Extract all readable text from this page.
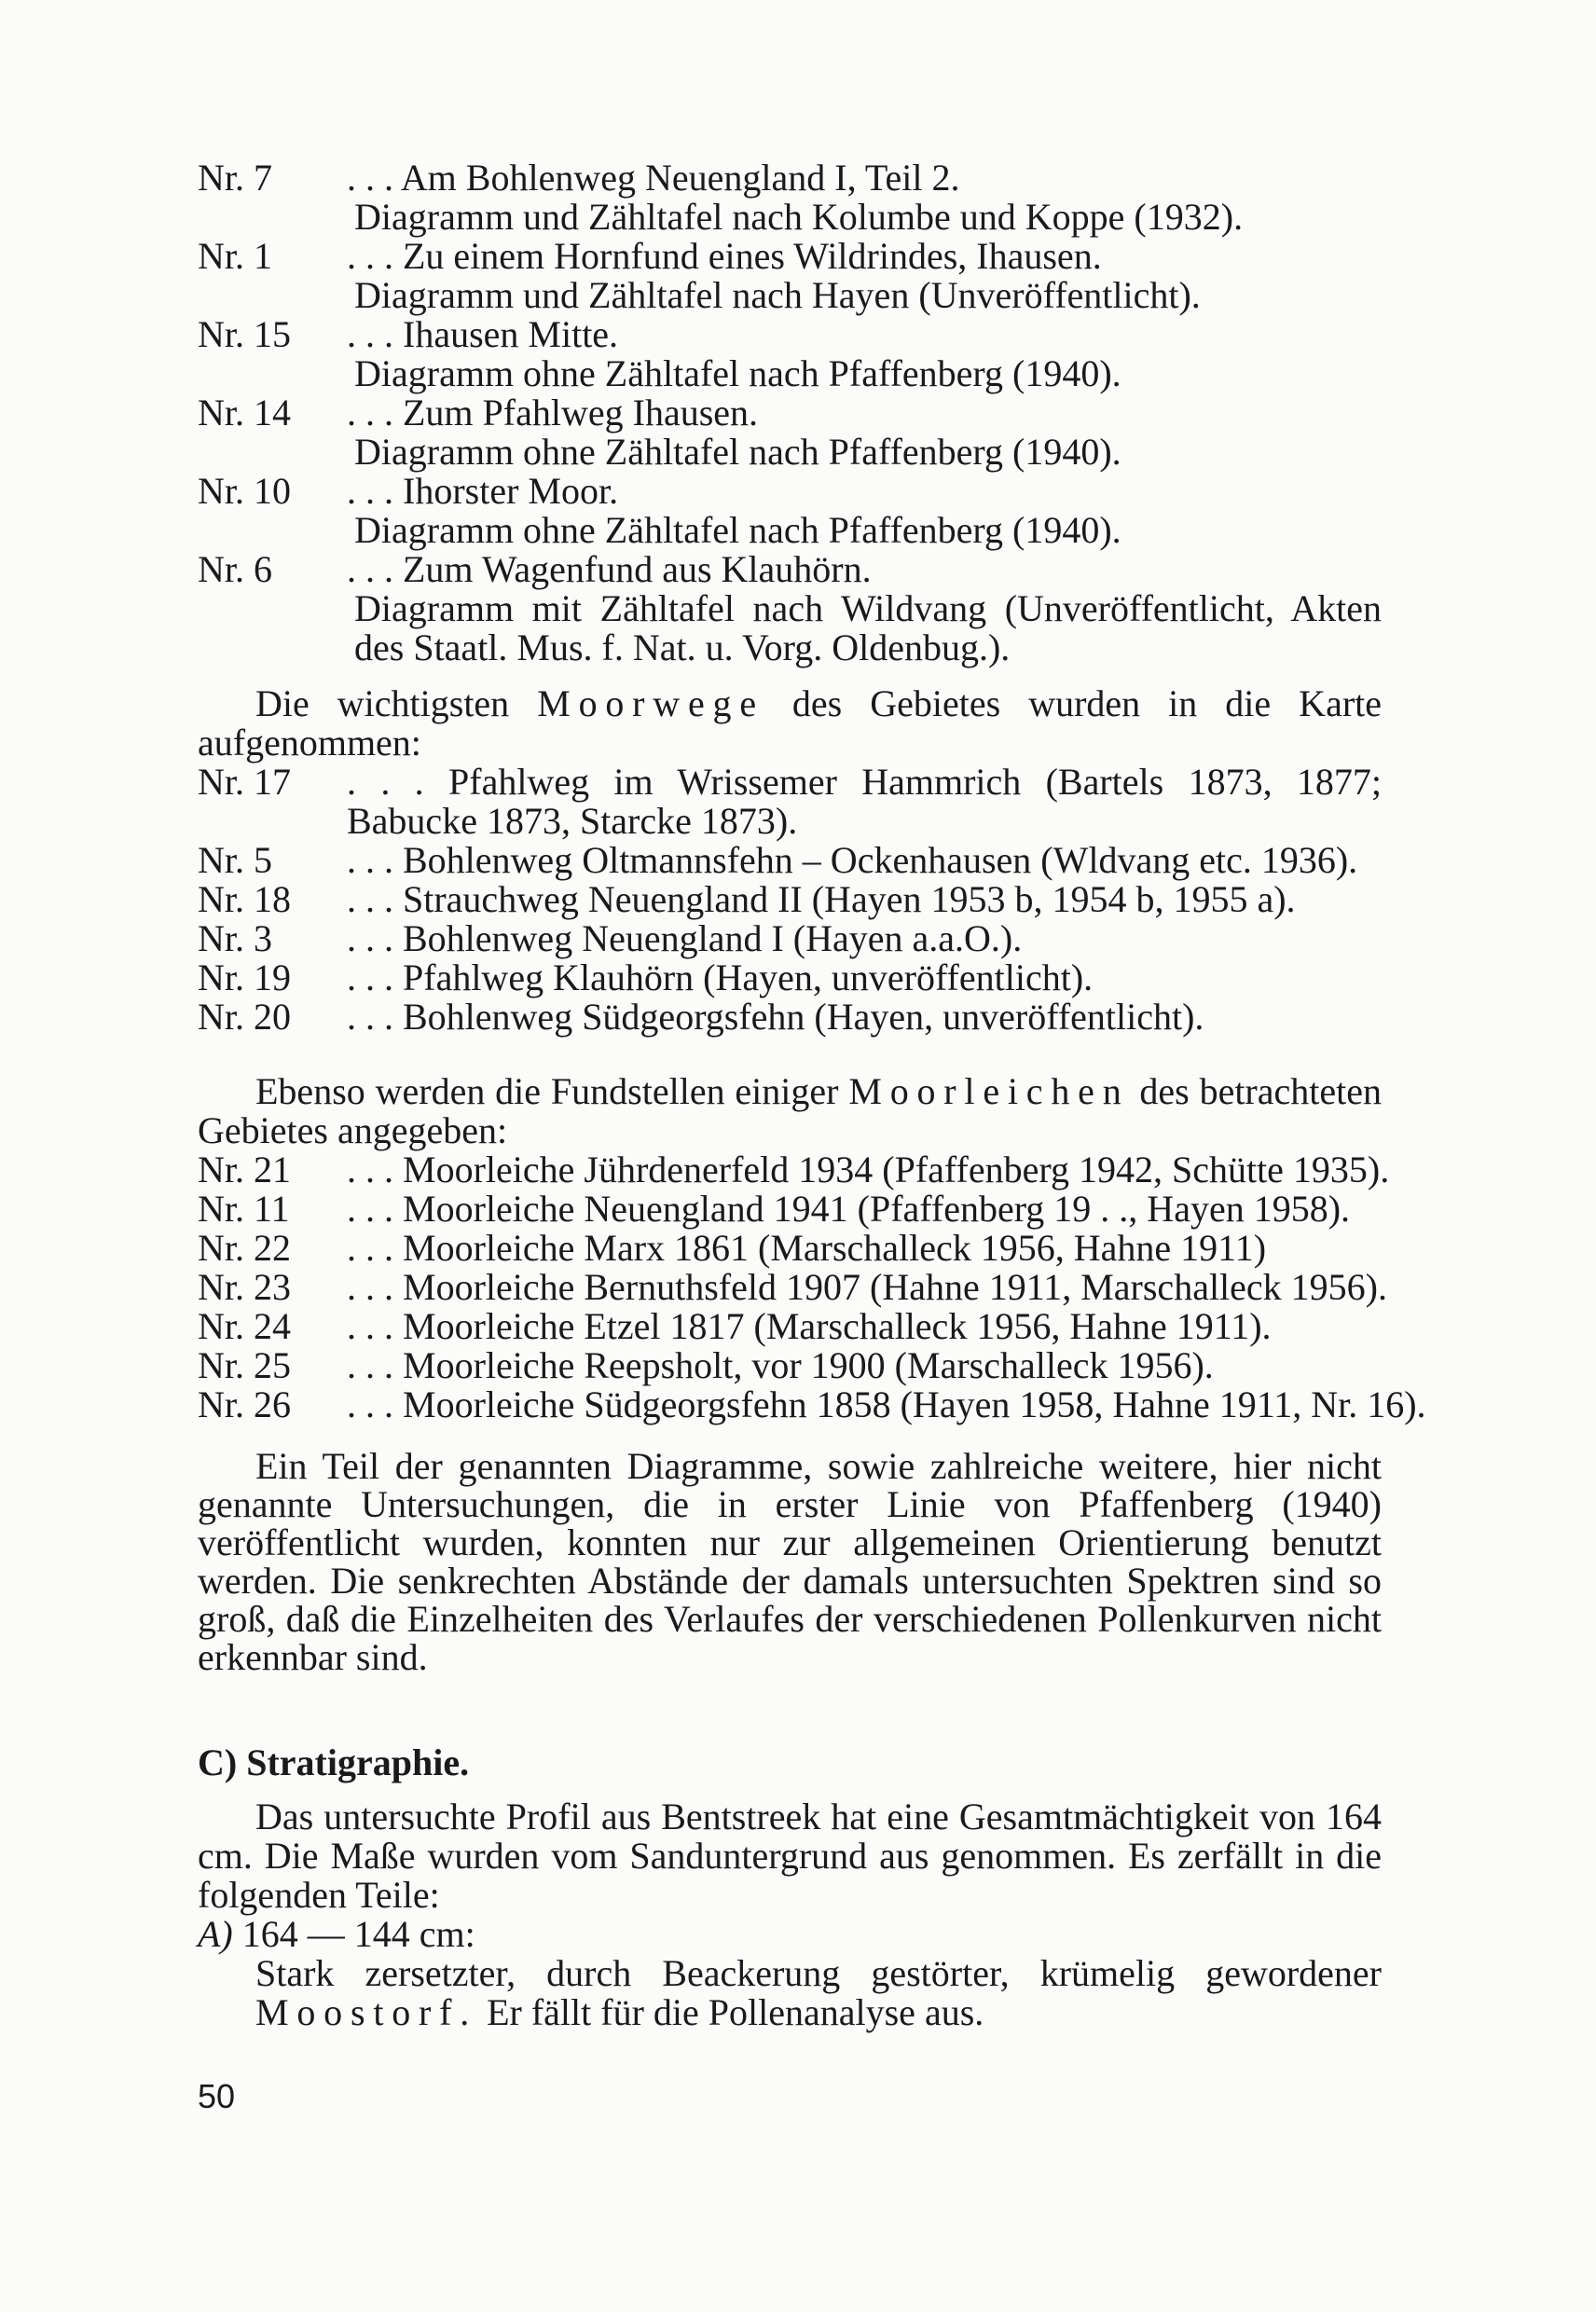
Nr. 7	. . . Am Bohlenweg Neuengland I, Teil 2.
Diagramm und Zähltafel nach Kolumbe und Koppe (1932).
Nr. 1	. . . Zu einem Hornfund eines Wildrindes, Ihausen.
Diagramm und Zähltafel nach Hayen (Unveröffentlicht).
Nr. 15	. . . Ihausen Mitte.
Diagramm ohne Zähltafel nach Pfaffenberg (1940).
Nr. 14	. . . Zum Pfahlweg Ihausen.
Diagramm ohne Zähltafel nach Pfaffenberg (1940).
Nr. 10	. . . Ihorster Moor.
Diagramm ohne Zähltafel nach Pfaffenberg (1940).
Nr. 6	. . . Zum Wagenfund aus Klauhörn.
Diagramm mit Zähltafel nach Wildvang (Unveröffentlicht, Akten des Staatl. Mus. f. Nat. u. Vorg. Oldenbug.).

Die wichtigsten Moorwege des Gebietes wurden in die Karte aufgenommen:

Nr. 17	. . . Pfahlweg im Wrissemer Hammrich (Bartels 1873, 1877; Babucke 1873, Starcke 1873).
Nr. 5	. . . Bohlenweg Oltmannsfehn – Ockenhausen (Wldvang etc. 1936).
Nr. 18	. . . Strauchweg Neuengland II (Hayen 1953 b, 1954 b, 1955 a).
Nr. 3	. . . Bohlenweg Neuengland I (Hayen a.a.O.).
Nr. 19	. . . Pfahlweg Klauhörn (Hayen, unveröffentlicht).
Nr. 20	. . . Bohlenweg Südgeorgsfehn (Hayen, unveröffentlicht).

Ebenso werden die Fundstellen einiger Moorleichen des betrachteten Gebietes angegeben:

Nr. 21	. . . Moorleiche Jührdenerfeld 1934 (Pfaffenberg 1942, Schütte 1935).
Nr. 11	. . . Moorleiche Neuengland 1941 (Pfaffenberg 19 . ., Hayen 1958).
Nr. 22	. . . Moorleiche Marx 1861 (Marschalleck 1956, Hahne 1911)
Nr. 23	. . . Moorleiche Bernuthsfeld 1907 (Hahne 1911, Marschalleck 1956).
Nr. 24	. . . Moorleiche Etzel 1817 (Marschalleck 1956, Hahne 1911).
Nr. 25	. . . Moorleiche Reepsholt, vor 1900 (Marschalleck 1956).
Nr. 26	. . . Moorleiche Südgeorgsfehn 1858 (Hayen 1958, Hahne 1911, Nr. 16).

Ein Teil der genannten Diagramme, sowie zahlreiche weitere, hier nicht genannte Untersuchungen, die in erster Linie von Pfaffenberg (1940) veröffentlicht wurden, konnten nur zur allgemeinen Orientierung benutzt werden. Die senkrechten Abstände der damals untersuchten Spektren sind so groß, daß die Einzelheiten des Verlaufes der verschiedenen Pollenkurven nicht erkennbar sind.

C) Stratigraphie.

Das untersuchte Profil aus Bentstreek hat eine Gesamtmächtigkeit von 164 cm. Die Maße wurden vom Sanduntergrund aus genommen. Es zerfällt in die folgenden Teile:

A)
164 — 144 cm:
Stark zersetzter, durch Beackerung gestörter, krümelig gewordener Moostorf. Er fällt für die Pollenanalyse aus.
50
